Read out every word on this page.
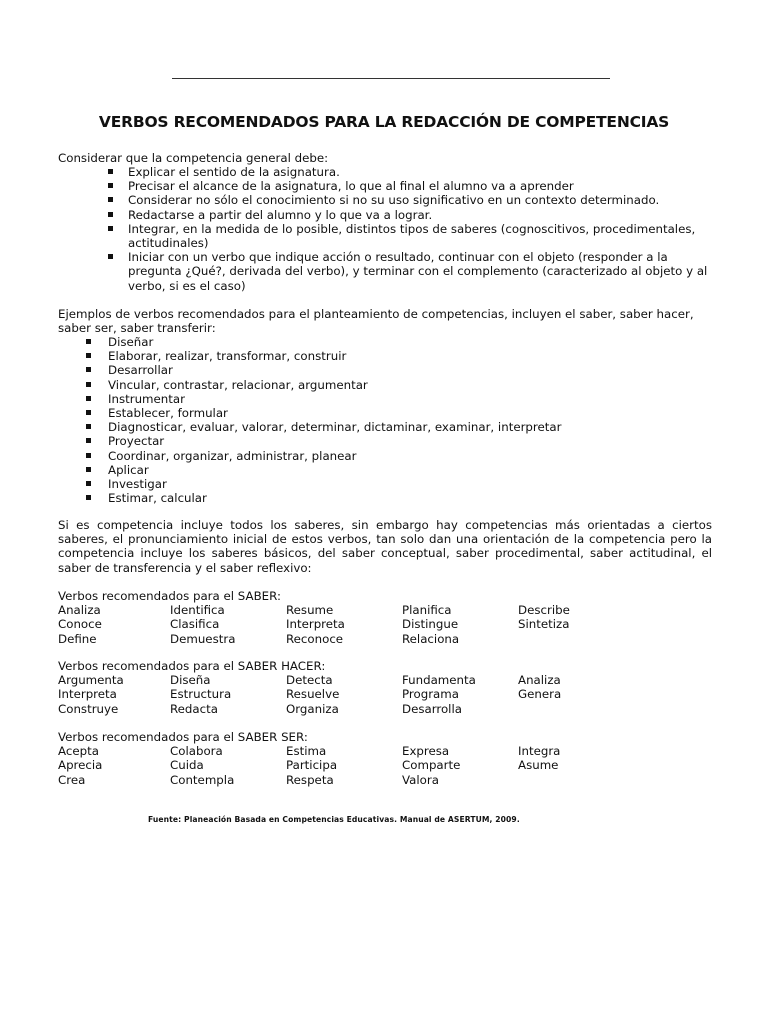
VERBOS RECOMENDADOS PARA LA REDACCIÓN DE COMPETENCIAS
Considerar que la competencia general debe:
Explicar el sentido de la asignatura.
Precisar el alcance de la asignatura, lo que al final el alumno va a aprender
Considerar no sólo el conocimiento si no su uso significativo en un contexto determinado.
Redactarse a partir del alumno y lo que va a lograr.
Integrar, en la medida de lo posible, distintos tipos de saberes (cognoscitivos, procedimentales, actitudinales)
Iniciar con un verbo que indique acción o resultado, continuar con el objeto (responder a la pregunta ¿Qué?, derivada del verbo), y terminar con el complemento (caracterizado al objeto y al verbo, si es el caso)
Ejemplos de verbos recomendados para el planteamiento de competencias, incluyen el saber, saber hacer, saber ser, saber transferir:
Diseñar
Elaborar, realizar, transformar, construir
Desarrollar
Vincular, contrastar, relacionar, argumentar
Instrumentar
Establecer, formular
Diagnosticar, evaluar, valorar, determinar, dictaminar, examinar, interpretar
Proyectar
Coordinar, organizar, administrar, planear
Aplicar
Investigar
Estimar, calcular
Si es competencia incluye todos los saberes, sin embargo hay competencias más orientadas a ciertos saberes, el pronunciamiento inicial de estos verbos, tan solo dan una orientación de la competencia pero la competencia incluye los saberes básicos, del saber conceptual, saber procedimental, saber actitudinal, el saber de transferencia y el saber reflexivo:
Verbos recomendados para el SABER:
Analiza	Identifica	Resume	Planifica	Describe
Conoce	Clasifica	Interpreta	Distingue	Sintetiza
Define	Demuestra	Reconoce	Relaciona
Verbos recomendados para el SABER HACER:
Argumenta	Diseña	Detecta	Fundamenta	Analiza
Interpreta	Estructura	Resuelve	Programa	Genera
Construye	Redacta	Organiza	Desarrolla
Verbos recomendados para el SABER SER:
Acepta	Colabora	Estima	Expresa	Integra
Aprecia	Cuida	Participa	Comparte	Asume
Crea	Contempla	Respeta	Valora
Fuente: Planeación Basada en Competencias Educativas. Manual de ASERTUM, 2009.
